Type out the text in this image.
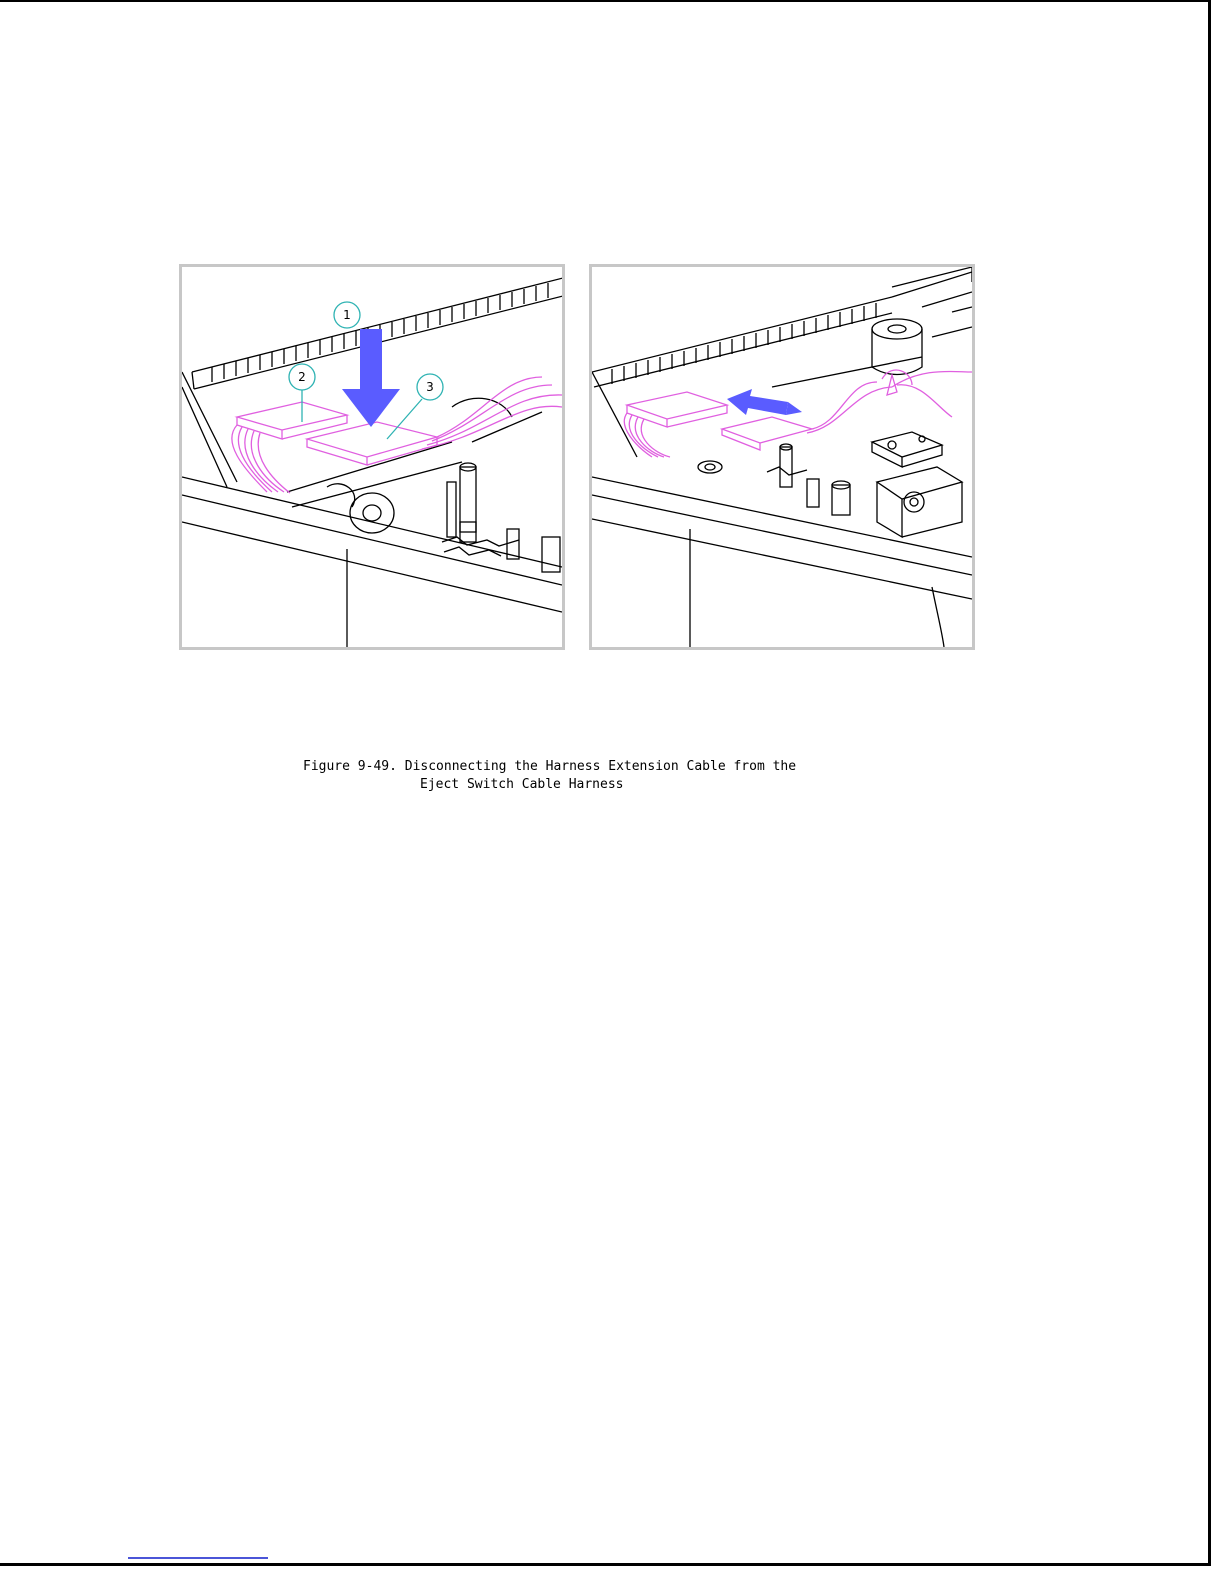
1
2
3
Figure 9-49. Disconnecting the Harness Extension Cable from the
Eject Switch Cable Harness
